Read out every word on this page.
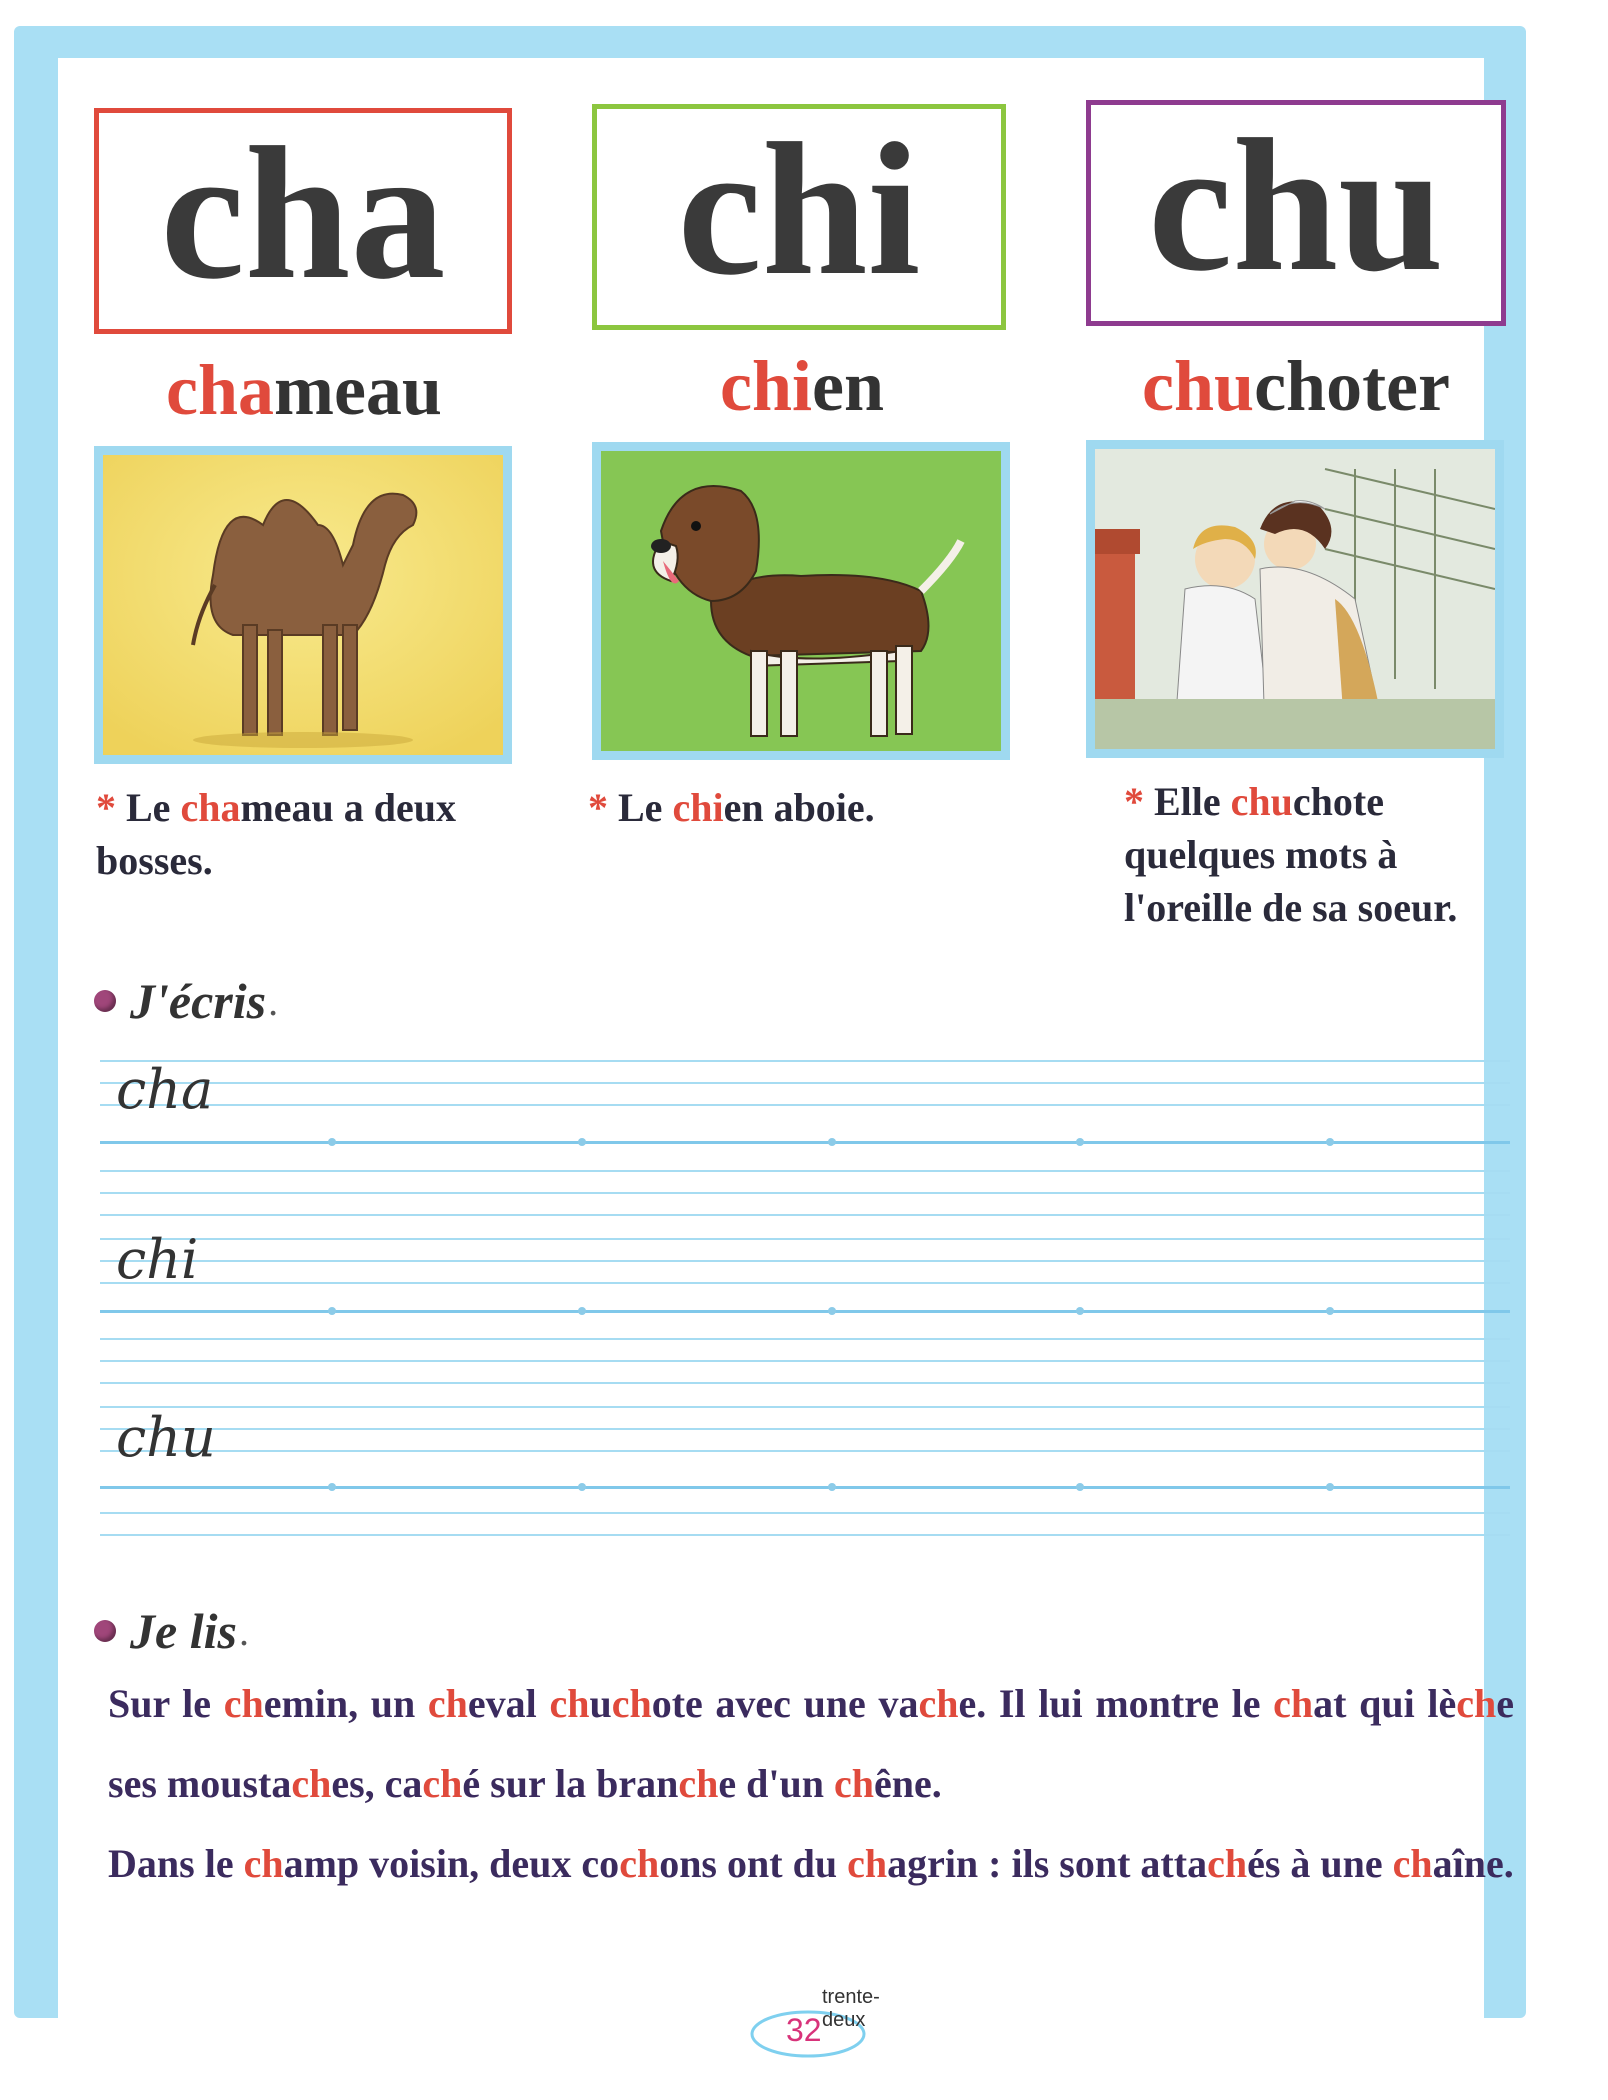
cha chi chu
chameau	chien	chuchoter
* Le chameau a deux bosses.
* Le chien aboie.	* Elle chuchote quelques mots à l'oreille de sa soeur.
J'écris .
cha
chi
chu
Je lis .
Sur le chemin, un cheval chuchote avec une vache. Il lui montre le chat qui lèche ses moustaches, caché sur la branche d'un chêne.
Dans le champ voisin, deux cochons ont du chagrin : ils sont attachés à une chaîne.
trente-deux
32
